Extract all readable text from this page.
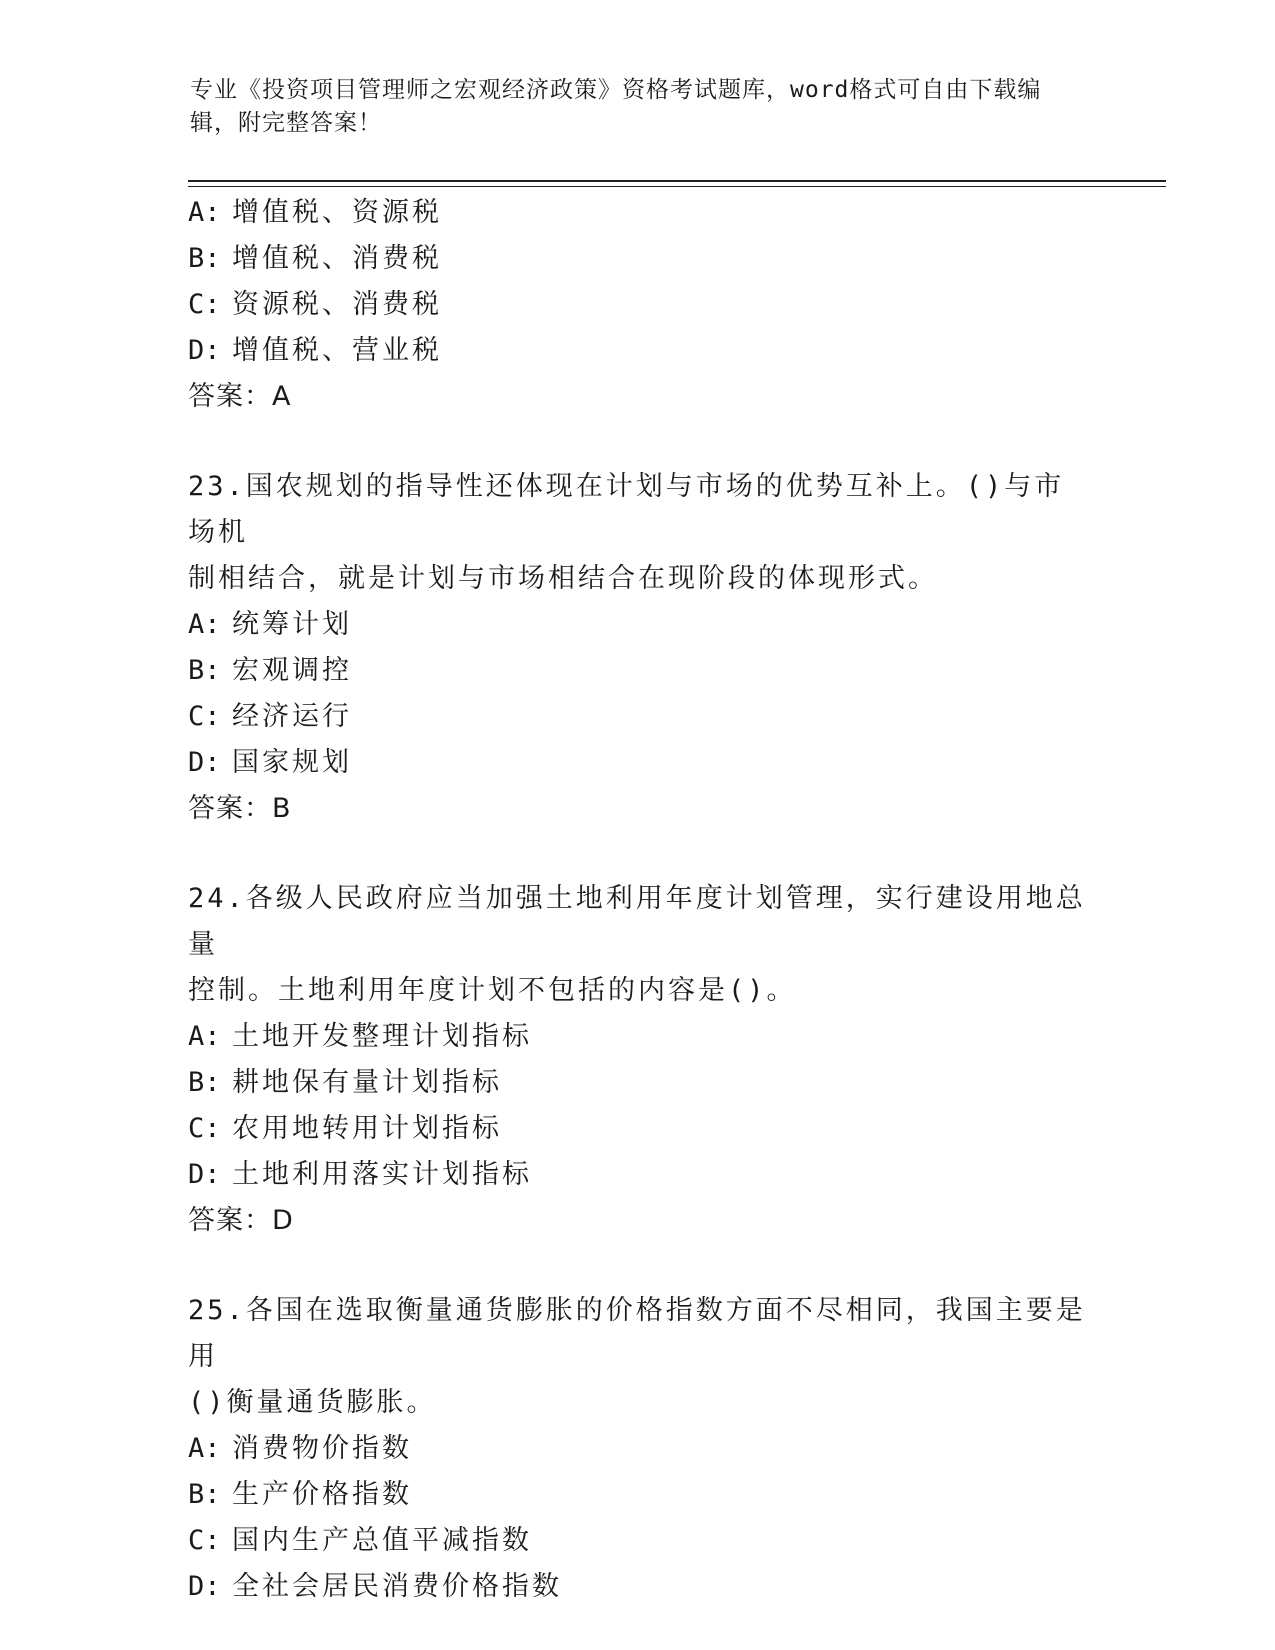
专业《投资项目管理师之宏观经济政策》资格考试题库，word格式可自由下载编
辑，附完整答案！
A: 增值税、资源税
B: 增值税、消费税
C: 资源税、消费税
D: 增值税、营业税
答案：A
23.国农规划的指导性还体现在计划与市场的优势互补上。()与市场机
制相结合，就是计划与市场相结合在现阶段的体现形式。
A: 统筹计划
B: 宏观调控
C: 经济运行
D: 国家规划
答案：B
24.各级人民政府应当加强土地利用年度计划管理，实行建设用地总量
控制。土地利用年度计划不包括的内容是()。
A: 土地开发整理计划指标
B: 耕地保有量计划指标
C: 农用地转用计划指标
D: 土地利用落实计划指标
答案：D
25.各国在选取衡量通货膨胀的价格指数方面不尽相同，我国主要是用
()衡量通货膨胀。
A: 消费物价指数
B: 生产价格指数
C: 国内生产总值平减指数
D: 全社会居民消费价格指数
